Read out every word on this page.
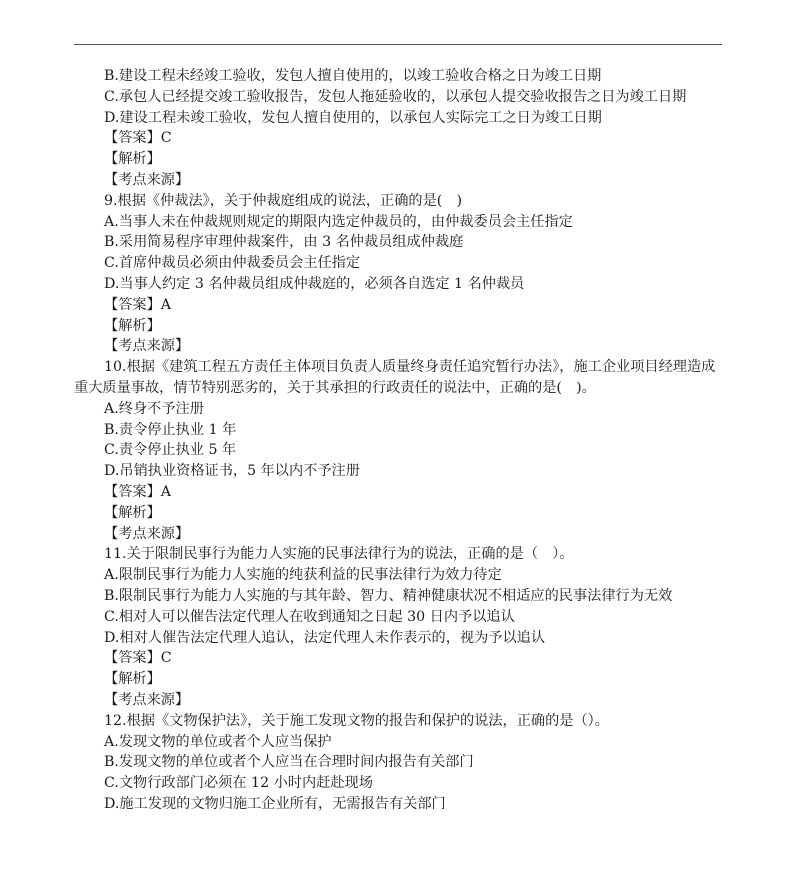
B.建设工程未经竣工验收，发包人擅自使用的，以竣工验收合格之日为竣工日期
C.承包人已经提交竣工验收报告，发包人拖延验收的，以承包人提交验收报告之日为竣工日期
D.建设工程未竣工验收，发包人擅自使用的，以承包人实际完工之日为竣工日期
【答案】C
【解析】
【考点来源】
9.根据《仲裁法》，关于仲裁庭组成的说法，正确的是(　)
A.当事人未在仲裁规则规定的期限内选定仲裁员的，由仲裁委员会主任指定
B.采用简易程序审理仲裁案件，由 3 名仲裁员组成仲裁庭
C.首席仲裁员必须由仲裁委员会主任指定
D.当事人约定 3 名仲裁员组成仲裁庭的，必须各自选定 1 名仲裁员
【答案】A
【解析】
【考点来源】
10.根据《建筑工程五方责任主体项目负责人质量终身责任追究暂行办法》，施工企业项目经理造成重大质量事故，情节特别恶劣的，关于其承担的行政责任的说法中，正确的是(　)。
A.终身不予注册
B.责令停止执业 1 年
C.责令停止执业 5 年
D.吊销执业资格证书，5 年以内不予注册
【答案】A
【解析】
【考点来源】
11.关于限制民事行为能力人实施的民事法律行为的说法，正确的是（　）。
A.限制民事行为能力人实施的纯获利益的民事法律行为效力待定
B.限制民事行为能力人实施的与其年龄、智力、精神健康状况不相适应的民事法律行为无效
C.相对人可以催告法定代理人在收到通知之日起 30 日内予以追认
D.相对人催告法定代理人追认，法定代理人未作表示的，视为予以追认
【答案】C
【解析】
【考点来源】
12.根据《文物保护法》，关于施工发现文物的报告和保护的说法，正确的是（）。
A.发现文物的单位或者个人应当保护
B.发现文物的单位或者个人应当在合理时间内报告有关部门
C.文物行政部门必须在 12 小时内赶赴现场
D.施工发现的文物归施工企业所有，无需报告有关部门
